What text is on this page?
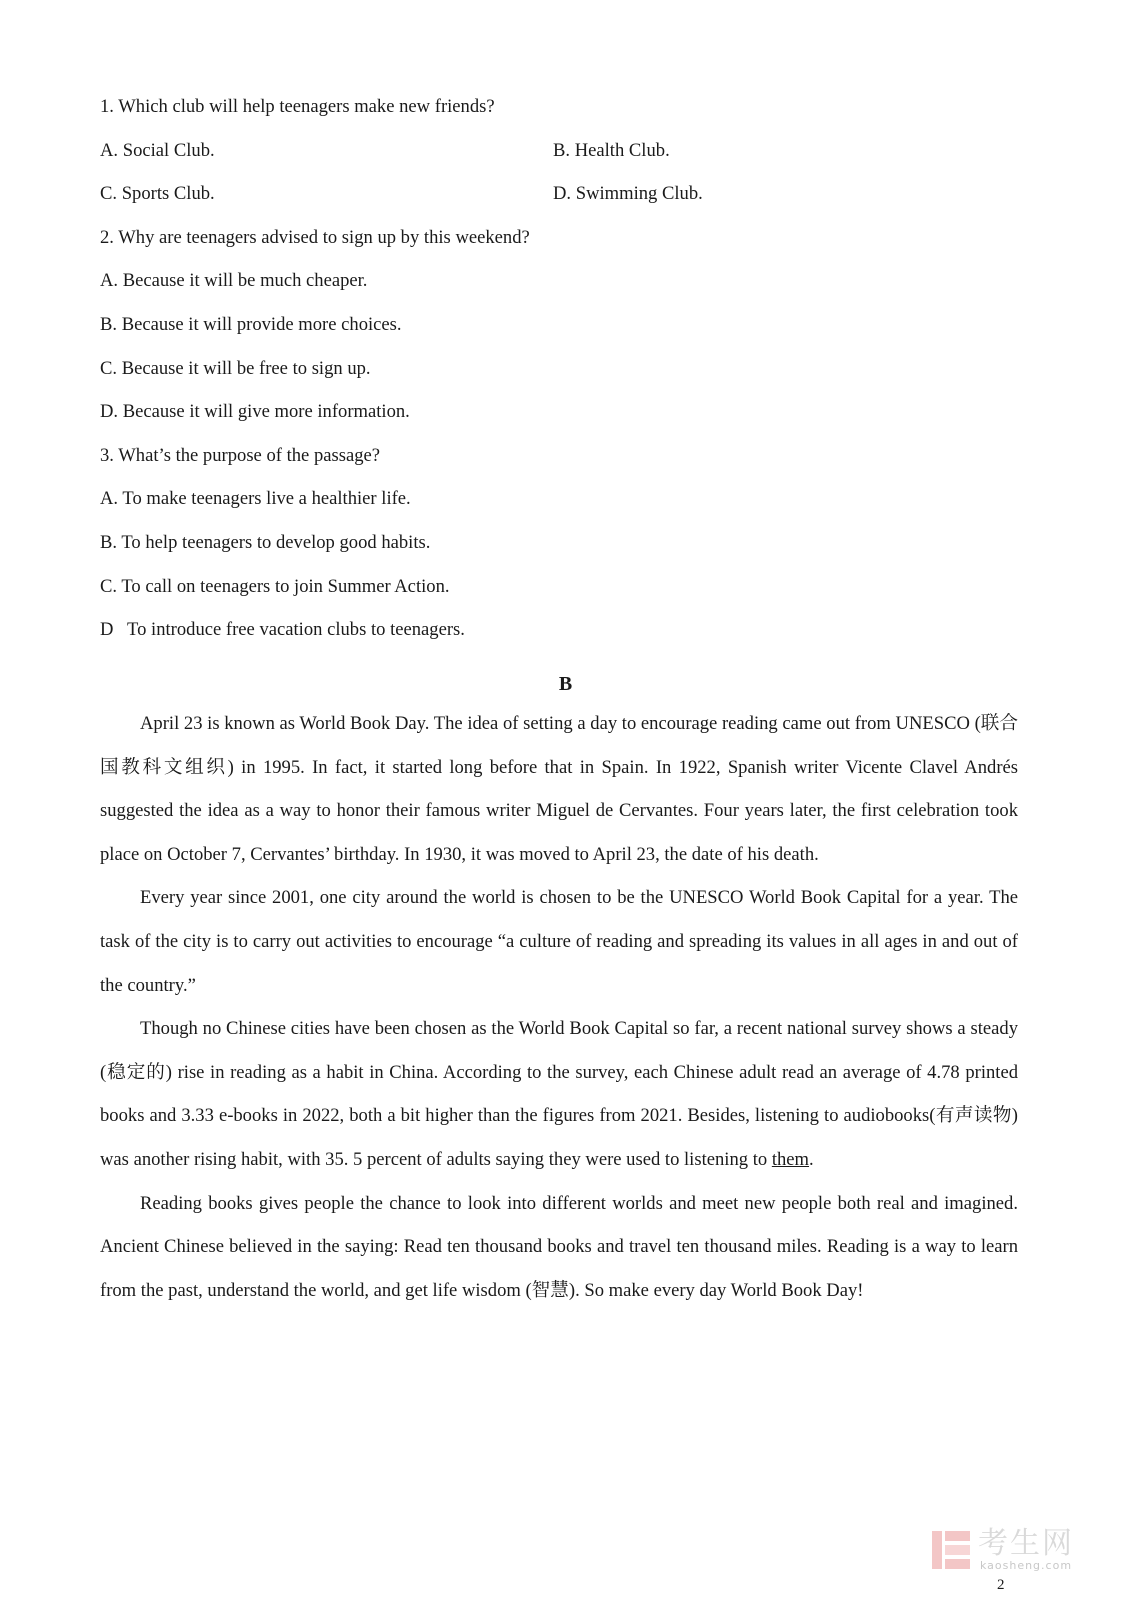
1. Which club will help teenagers make new friends?
A. Social Club.	B. Health Club.
C. Sports Club.	D. Swimming Club.
2. Why are teenagers advised to sign up by this weekend?
A. Because it will be much cheaper.
B. Because it will provide more choices.
C. Because it will be free to sign up.
D. Because it will give more information.
3. What’s the purpose of the passage?
A. To make teenagers live a healthier life.
B. To help teenagers to develop good habits.
C. To call on teenagers to join Summer Action.
D  To introduce free vacation clubs to teenagers.
B

April 23 is known as World Book Day. The idea of setting a day to encourage reading came out from UNESCO (联合国教科文组织) in 1995. In fact, it started long before that in Spain. In 1922, Spanish writer Vicente Clavel Andrés suggested the idea as a way to honor their famous writer Miguel de Cervantes. Four years later, the first celebration took place on October 7, Cervantes’ birthday. In 1930, it was moved to April 23, the date of his death.

Every year since 2001, one city around the world is chosen to be the UNESCO World Book Capital for a year. The task of the city is to carry out activities to encourage “a culture of reading and spreading its values in all ages in and out of the country.”

Though no Chinese cities have been chosen as the World Book Capital so far, a recent national survey shows a steady (稳定的) rise in reading as a habit in China. According to the survey, each Chinese adult read an average of 4.78 printed books and 3.33 e-books in 2022, both a bit higher than the figures from 2021. Besides, listening to audiobooks(有声读物) was another rising habit, with 35. 5 percent of adults saying they were used to listening to them.

Reading books gives people the chance to look into different worlds and meet new people both real and imagined. Ancient Chinese believed in the saying: Read ten thousand books and travel ten thousand miles. Reading is a way to learn from the past, understand the world, and get life wisdom (智慧). So make every day World Book Day!

考生网
kaosheng.com
2
